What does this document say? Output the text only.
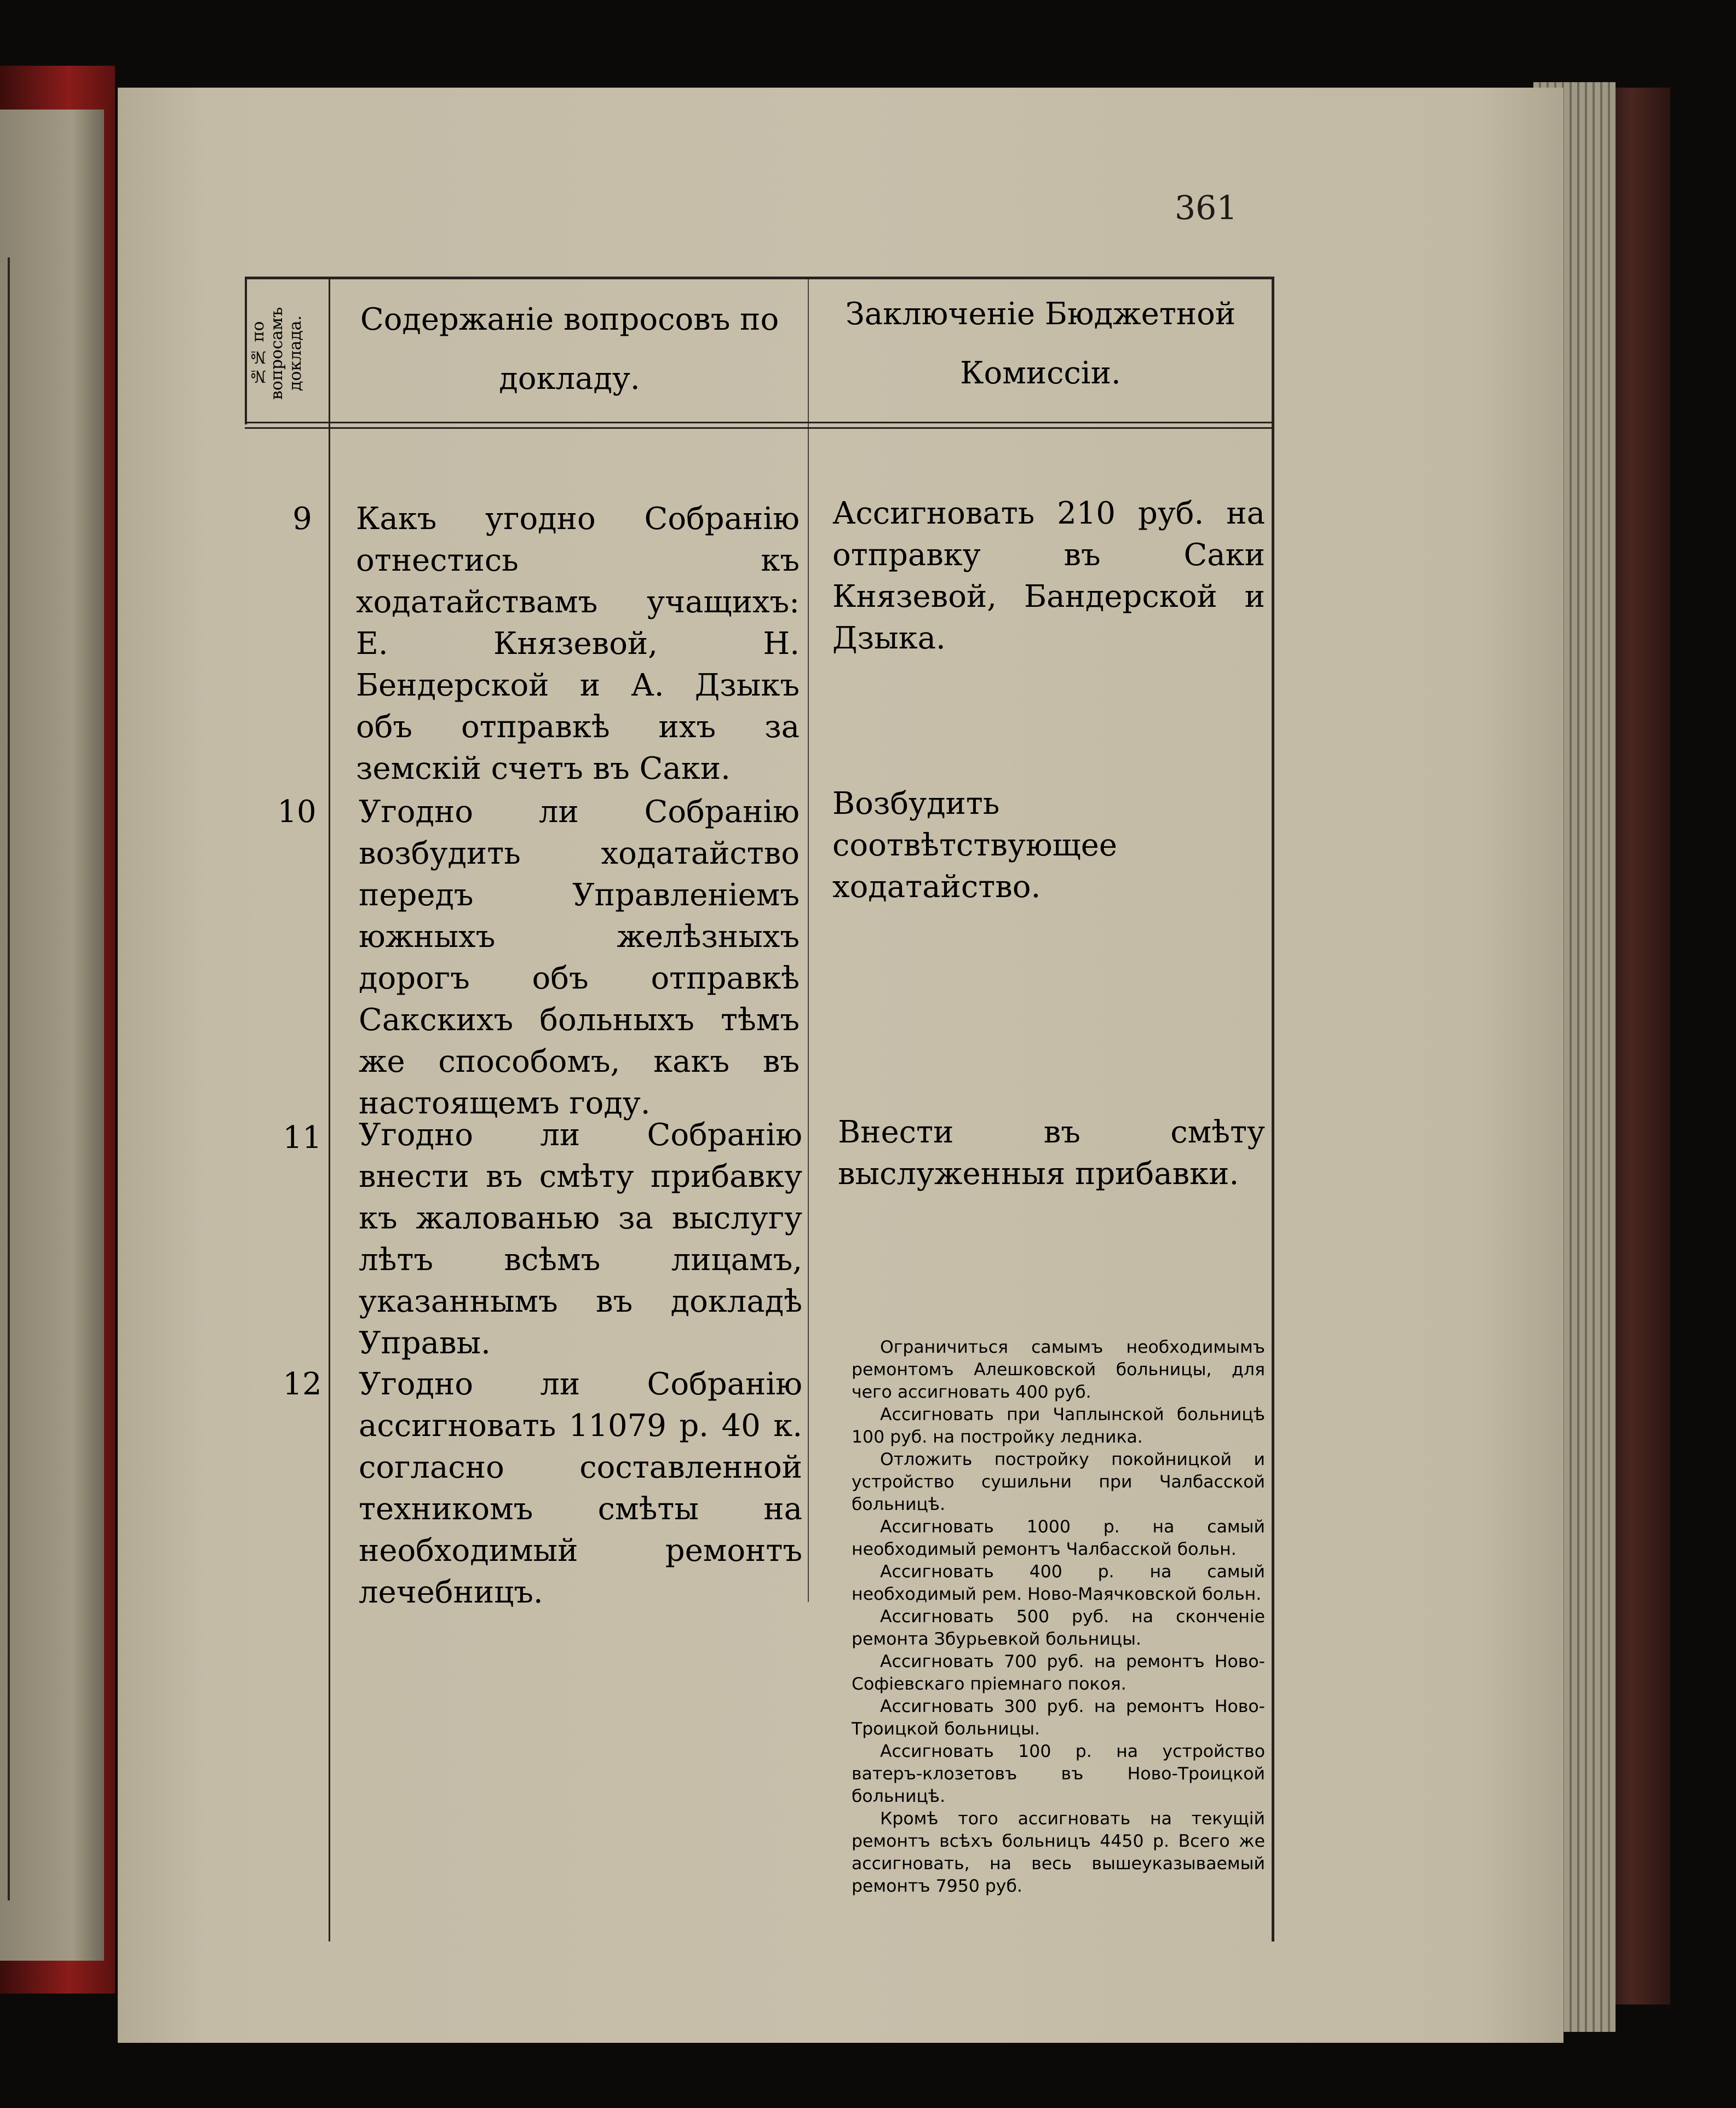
361
№№ по вопросамъ доклада.	Содержаніе вопросовъ по
докладу.
Заключеніе Бюджетной
Комиссіи.
9	Какъ угодно Собранію отнестись къ ходатайствамъ учащихъ: Е. Князевой, Н. Бендерской и А. Дзыкъ объ отправкѣ ихъ за земскій счетъ въ Саки.
Ассигновать 210 руб. на отправку въ Саки Князевой, Бандерской и Дзыка.
10	Угодно ли Собранію возбудить ходатайство передъ Управленіемъ южныхъ желѣзныхъ дорогъ объ отправкѣ Сакскихъ больныхъ тѣмъ же способомъ, какъ въ настоящемъ году.
Возбудить соотвѣтствующее ходатайство.
11	Угодно ли Собранію внести въ смѣту прибавку къ жалованью за выслугу лѣтъ всѣмъ лицамъ, указаннымъ въ докладѣ Управы.
Внести въ смѣту выслуженныя прибавки.
12	Угодно ли Собранію ассигновать 11079 р. 40 к. согласно составленной техникомъ смѣты на необходимый ремонтъ лечебницъ.

Ограничиться самымъ необходимымъ ремонтомъ Алешковской больницы, для чего ассигновать 400 руб.

Ассигновать при Чаплынской больницѣ 100 руб. на постройку ледника.

Отложить постройку покойницкой и устройство сушильни при Чалбасской больницѣ.

Ассигновать 1000 р. на самый необходимый ремонтъ Чалбасской больн.

Ассигновать 400 р. на самый необходимый рем. Ново-Маячковской больн.

Ассигновать 500 руб. на сконченіе ремонта Збурьевкой больницы.

Ассигновать 700 руб. на ремонтъ Ново-Софіевскаго пріемнаго покоя.

Ассигновать 300 руб. на ремонтъ Ново-Троицкой больницы.

Ассигновать 100 р. на устройство ватеръ-клозетовъ въ Ново-Троицкой больницѣ.

Кромѣ того ассигновать на текущій ремонтъ всѣхъ больницъ 4450 р. Всего же ассигновать, на весь вышеуказываемый ремонтъ 7950 руб.
